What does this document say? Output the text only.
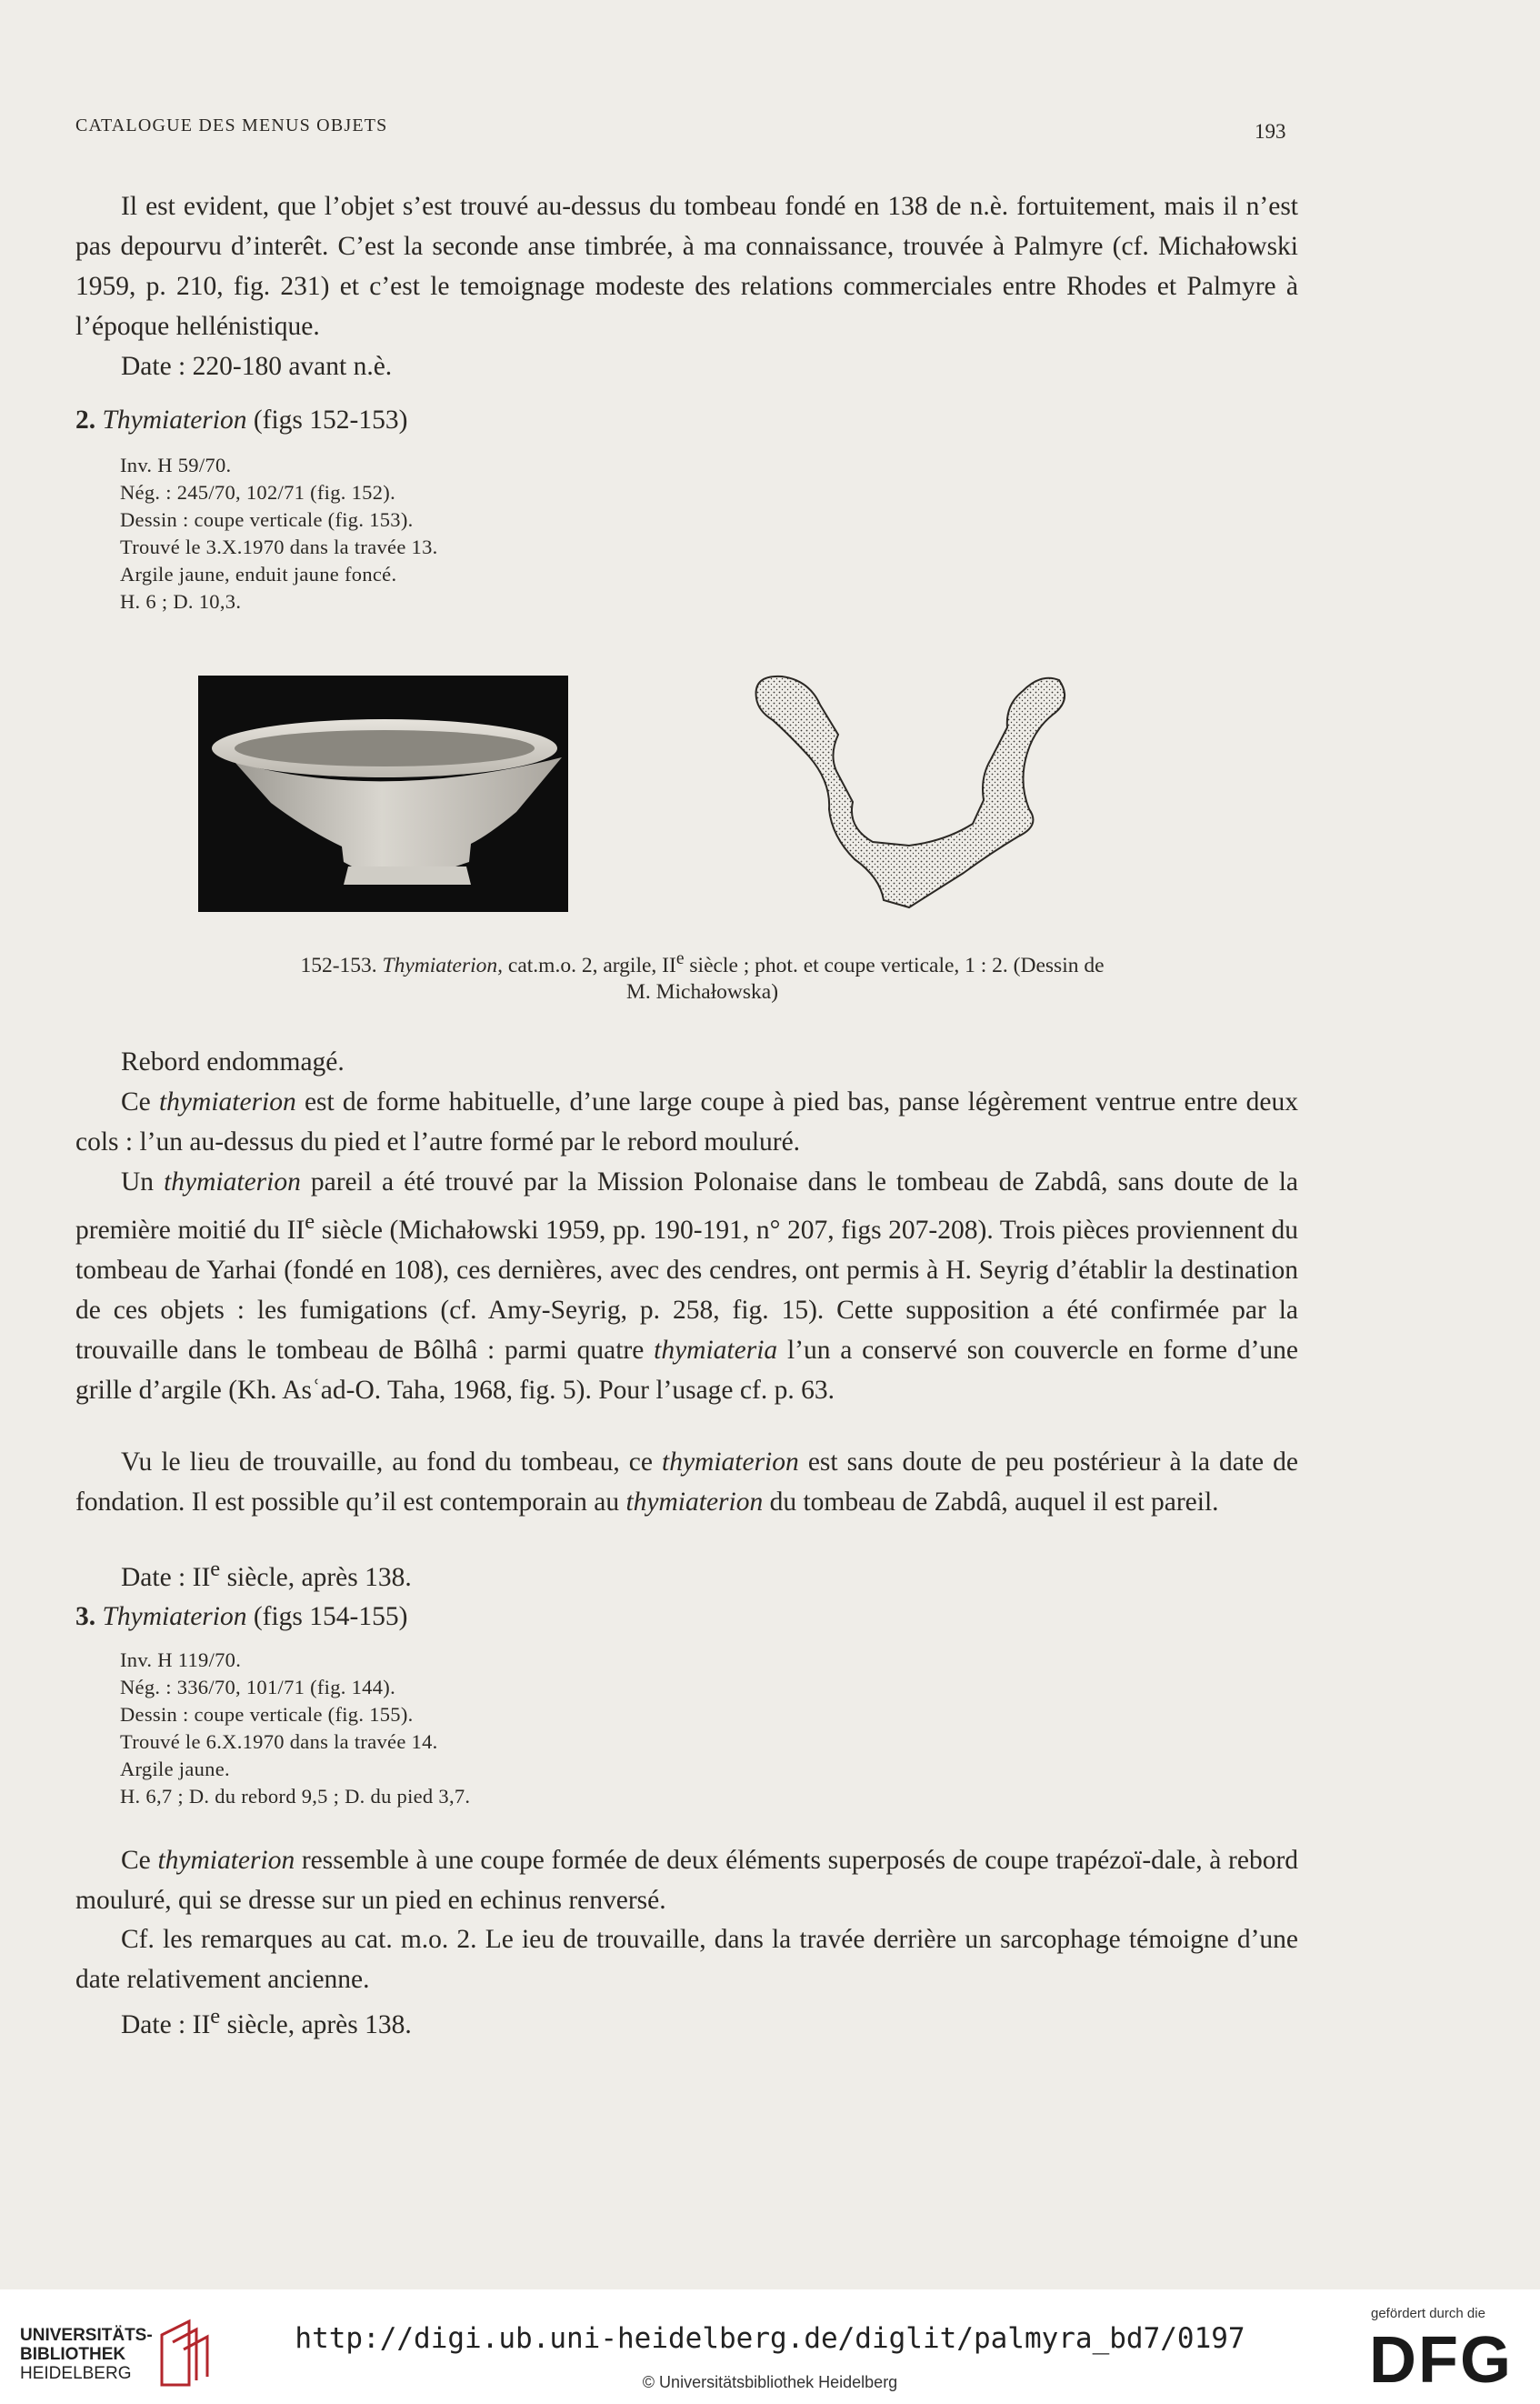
CATALOGUE DES MENUS OBJETS	193
Il est evident, que l’objet s’est trouvé au-dessus du tombeau fondé en 138 de n.è. fortuitement, mais il n’est pas depourvu d’interêt. C’est la seconde anse timbrée, à ma connaissance, trouvée à Palmyre (cf. Michałowski 1959, p. 210, fig. 231) et c’est le temoignage modeste des relations commerciales entre Rhodes et Palmyre à l’époque hellénistique.
Date : 220-180 avant n.è.
2. Thymiaterion (figs 152-153)
Inv. H 59/70.
Nég. : 245/70, 102/71 (fig. 152).
Dessin : coupe verticale (fig. 153).
Trouvé le 3.X.1970 dans la travée 13.
Argile jaune, enduit jaune foncé.
H. 6 ; D. 10,3.
152-153. Thymiaterion, cat.m.o. 2, argile, IIe siècle ; phot. et coupe verticale, 1 : 2. (Dessin de
M. Michałowska)
Rebord endommagé.
Ce thymiaterion est de forme habituelle, d’une large coupe à pied bas, panse légèrement ventrue entre deux cols : l’un au-dessus du pied et l’autre formé par le rebord mouluré.
Un thymiaterion pareil a été trouvé par la Mission Polonaise dans le tombeau de Zabdâ, sans doute de la première moitié du IIe siècle (Michałowski 1959, pp. 190-191, n° 207, figs 207-208). Trois pièces proviennent du tombeau de Yarhai (fondé en 108), ces dernières, avec des cendres, ont permis à H. Seyrig d’établir la destination de ces objets : les fumigations (cf. Amy-Seyrig, p. 258, fig. 15). Cette supposition a été confirmée par la trouvaille dans le tombeau de Bôlhâ : parmi quatre thymiateria l’un a conservé son couvercle en forme d’une grille d’argile (Kh. Asʿad-O. Taha, 1968, fig. 5). Pour l’usage cf. p. 63.
Vu le lieu de trouvaille, au fond du tombeau, ce thymiaterion est sans doute de peu postérieur à la date de fondation. Il est possible qu’il est contemporain au thymiaterion du tombeau de Zabdâ, auquel il est pareil.
Date : IIe siècle, après 138.
3. Thymiaterion (figs 154-155)
Inv. H 119/70.
Nég. : 336/70, 101/71 (fig. 144).
Dessin : coupe verticale (fig. 155).
Trouvé le 6.X.1970 dans la travée 14.
Argile jaune.
H. 6,7 ; D. du rebord 9,5 ; D. du pied 3,7.
Ce thymiaterion ressemble à une coupe formée de deux éléments superposés de coupe trapézoï-dale, à rebord mouluré, qui se dresse sur un pied en echinus renversé.
Cf. les remarques au cat. m.o. 2. Le ieu de trouvaille, dans la travée derrière un sarcophage témoigne d’une date relativement ancienne.
Date : IIe siècle, après 138.
UNIVERSITÄTS-
BIBLIOTHEK
HEIDELBERG
http://digi.ub.uni-heidelberg.de/diglit/palmyra_bd7/0197
© Universitätsbibliothek Heidelberg
gefördert durch die
DFG
